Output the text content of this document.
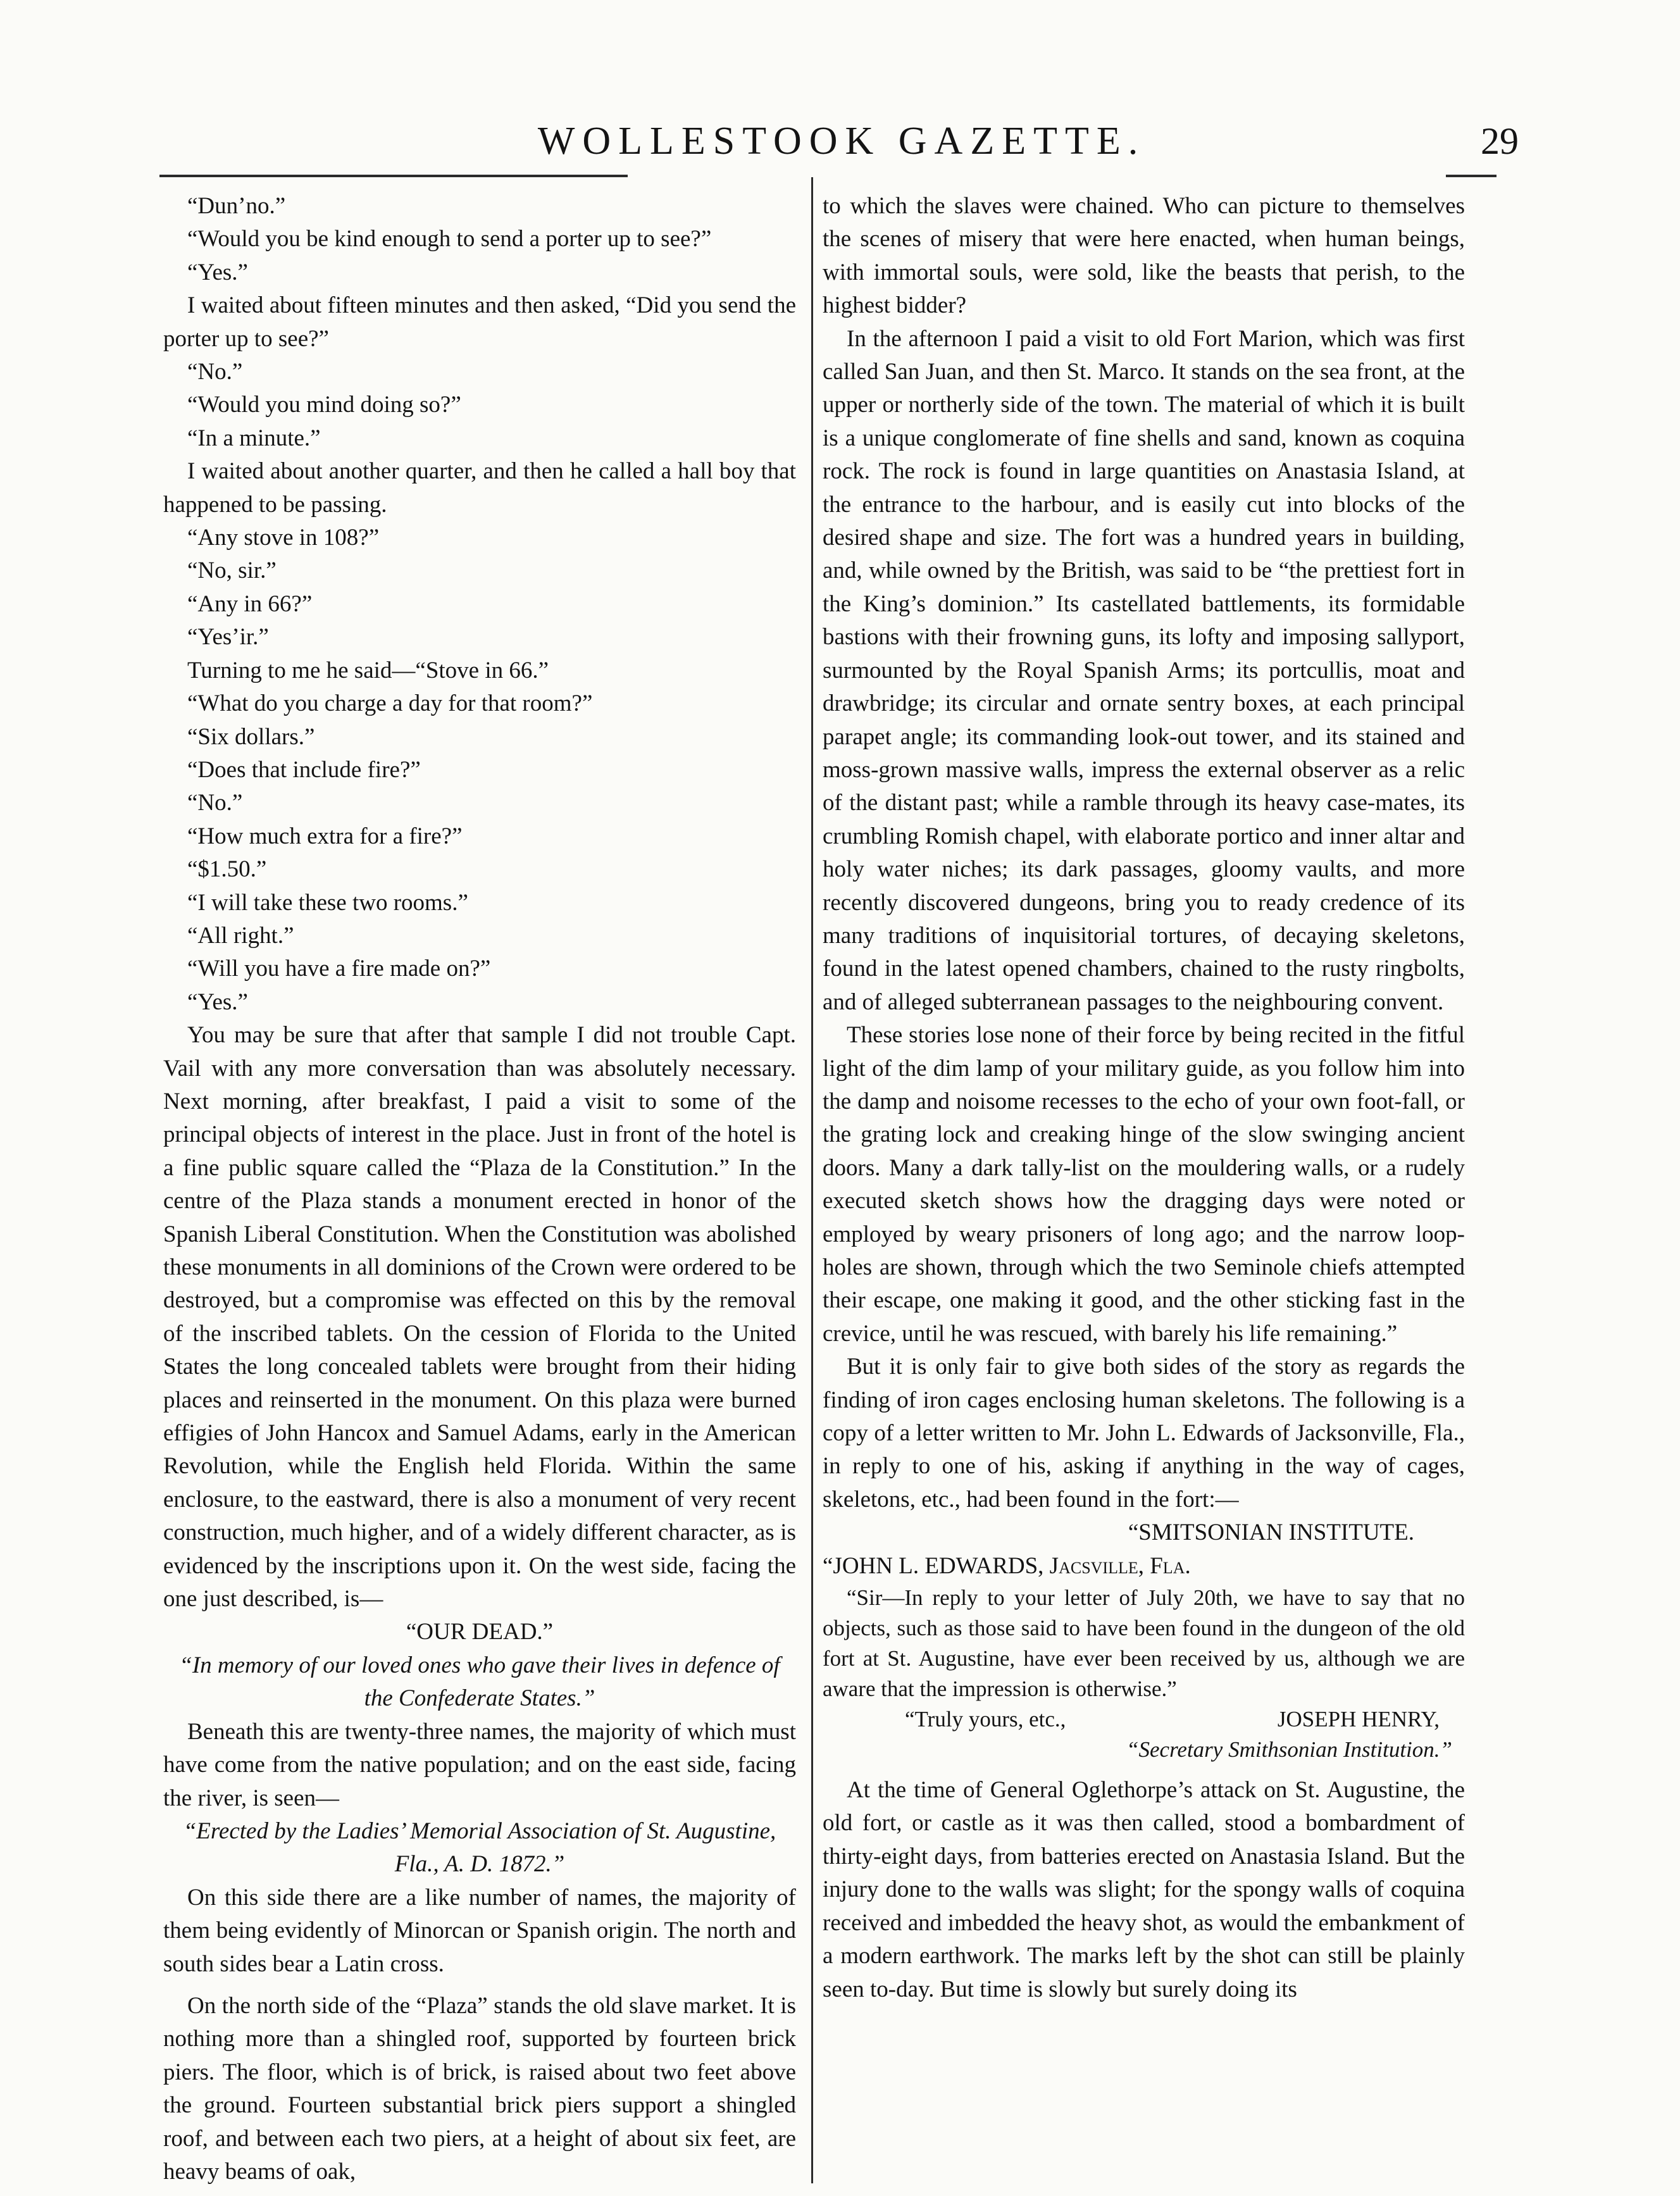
WOLLESTOOK GAZETTE.	29

“Dun’no.”

“Would you be kind enough to send a porter up to see?”

“Yes.”

I waited about fifteen minutes and then asked, “Did you send the porter up to see?”

“No.”

“Would you mind doing so?”

“In a minute.”

I waited about another quarter, and then he called a hall boy that happened to be passing.

“Any stove in 108?”

“No, sir.”

“Any in 66?”

“Yes’ir.”

Turning to me he said—“Stove in 66.”

“What do you charge a day for that room?”

“Six dollars.”

“Does that include fire?”

“No.”

“How much extra for a fire?”

“$1.50.”

“I will take these two rooms.”

“All right.”

“Will you have a fire made on?”

“Yes.”

You may be sure that after that sample I did not trouble Capt. Vail with any more conversation than was absolutely necessary. Next morning, after breakfast, I paid a visit to some of the principal objects of interest in the place. Just in front of the hotel is a fine public square called the “Plaza de la Constitution.” In the centre of the Plaza stands a monument erected in honor of the Spanish Liberal Constitution. When the Constitution was abolished these monuments in all dominions of the Crown were ordered to be destroyed, but a compromise was effected on this by the removal of the inscribed tablets. On the cession of Florida to the United States the long concealed tablets were brought from their hiding places and reinserted in the monument. On this plaza were burned effigies of John Hancox and Samuel Adams, early in the American Revolution, while the English held Florida. Within the same enclosure, to the eastward, there is also a monument of very recent construction, much higher, and of a widely different character, as is evidenced by the inscriptions upon it. On the west side, facing the one just described, is—

“OUR DEAD.”

“In memory of our loved ones who gave their lives in defence of the Confederate States.”

Beneath this are twenty-three names, the majority of which must have come from the native population; and on the east side, facing the river, is seen—

“Erected by the Ladies’ Memorial Association of St. Augustine, Fla., A. D. 1872.”

On this side there are a like number of names, the majority of them being evidently of Minorcan or Spanish origin. The north and south sides bear a Latin cross.

On the north side of the “Plaza” stands the old slave market. It is nothing more than a shingled roof, supported by fourteen brick piers. The floor, which is of brick, is raised about two feet above the ground. Fourteen substantial brick piers support a shingled roof, and between each two piers, at a height of about six feet, are heavy beams of oak,

to which the slaves were chained. Who can picture to themselves the scenes of misery that were here enacted, when human beings, with immortal souls, were sold, like the beasts that perish, to the highest bidder?

In the afternoon I paid a visit to old Fort Marion, which was first called San Juan, and then St. Marco. It stands on the sea front, at the upper or northerly side of the town. The material of which it is built is a unique conglomerate of fine shells and sand, known as coquina rock. The rock is found in large quantities on Anastasia Island, at the entrance to the harbour, and is easily cut into blocks of the desired shape and size. The fort was a hundred years in building, and, while owned by the British, was said to be “the prettiest fort in the King’s dominion.” Its castellated battlements, its formidable bastions with their frowning guns, its lofty and imposing sallyport, surmounted by the Royal Spanish Arms; its portcullis, moat and drawbridge; its circular and ornate sentry boxes, at each principal parapet angle; its commanding look-out tower, and its stained and moss-grown massive walls, impress the external observer as a relic of the distant past; while a ramble through its heavy case-mates, its crumbling Romish chapel, with elaborate portico and inner altar and holy water niches; its dark passages, gloomy vaults, and more recently discovered dungeons, bring you to ready credence of its many traditions of inquisitorial tortures, of decaying skeletons, found in the latest opened chambers, chained to the rusty ringbolts, and of alleged subterranean passages to the neighbouring convent.

These stories lose none of their force by being recited in the fitful light of the dim lamp of your military guide, as you follow him into the damp and noisome recesses to the echo of your own foot-fall, or the grating lock and creaking hinge of the slow swinging ancient doors. Many a dark tally-list on the mouldering walls, or a rudely executed sketch shows how the dragging days were noted or employed by weary prisoners of long ago; and the narrow loop-holes are shown, through which the two Seminole chiefs attempted their escape, one making it good, and the other sticking fast in the crevice, until he was rescued, with barely his life remaining.”

But it is only fair to give both sides of the story as regards the finding of iron cages enclosing human skeletons. The following is a copy of a letter written to Mr. John L. Edwards of Jacksonville, Fla., in reply to one of his, asking if anything in the way of cages, skeletons, etc., had been found in the fort:—

“SMITSONIAN INSTITUTE.

“JOHN L. EDWARDS, Jacsville, Fla.

“Sir—In reply to your letter of July 20th, we have to say that no objects, such as those said to have been found in the dungeon of the old fort at St. Augustine, have ever been received by us, although we are aware that the impression is otherwise.”

“Truly yours, etc.,	JOSEPH HENRY,

“Secretary Smithsonian Institution.”

At the time of General Oglethorpe’s attack on St. Augustine, the old fort, or castle as it was then called, stood a bombardment of thirty-eight days, from batteries erected on Anastasia Island. But the injury done to the walls was slight; for the spongy walls of coquina received and imbedded the heavy shot, as would the embankment of a modern earthwork. The marks left by the shot can still be plainly seen to-day. But time is slowly but surely doing its
